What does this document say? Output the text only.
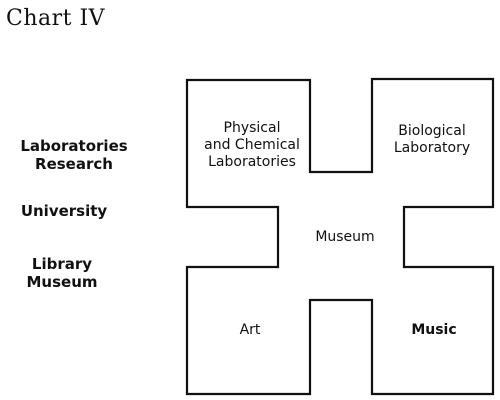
Chart IV
Laboratories
Research
University
Library
Museum
Physical
and Chemical
Laboratories
Biological
Laboratory
Museum
Art	Music
